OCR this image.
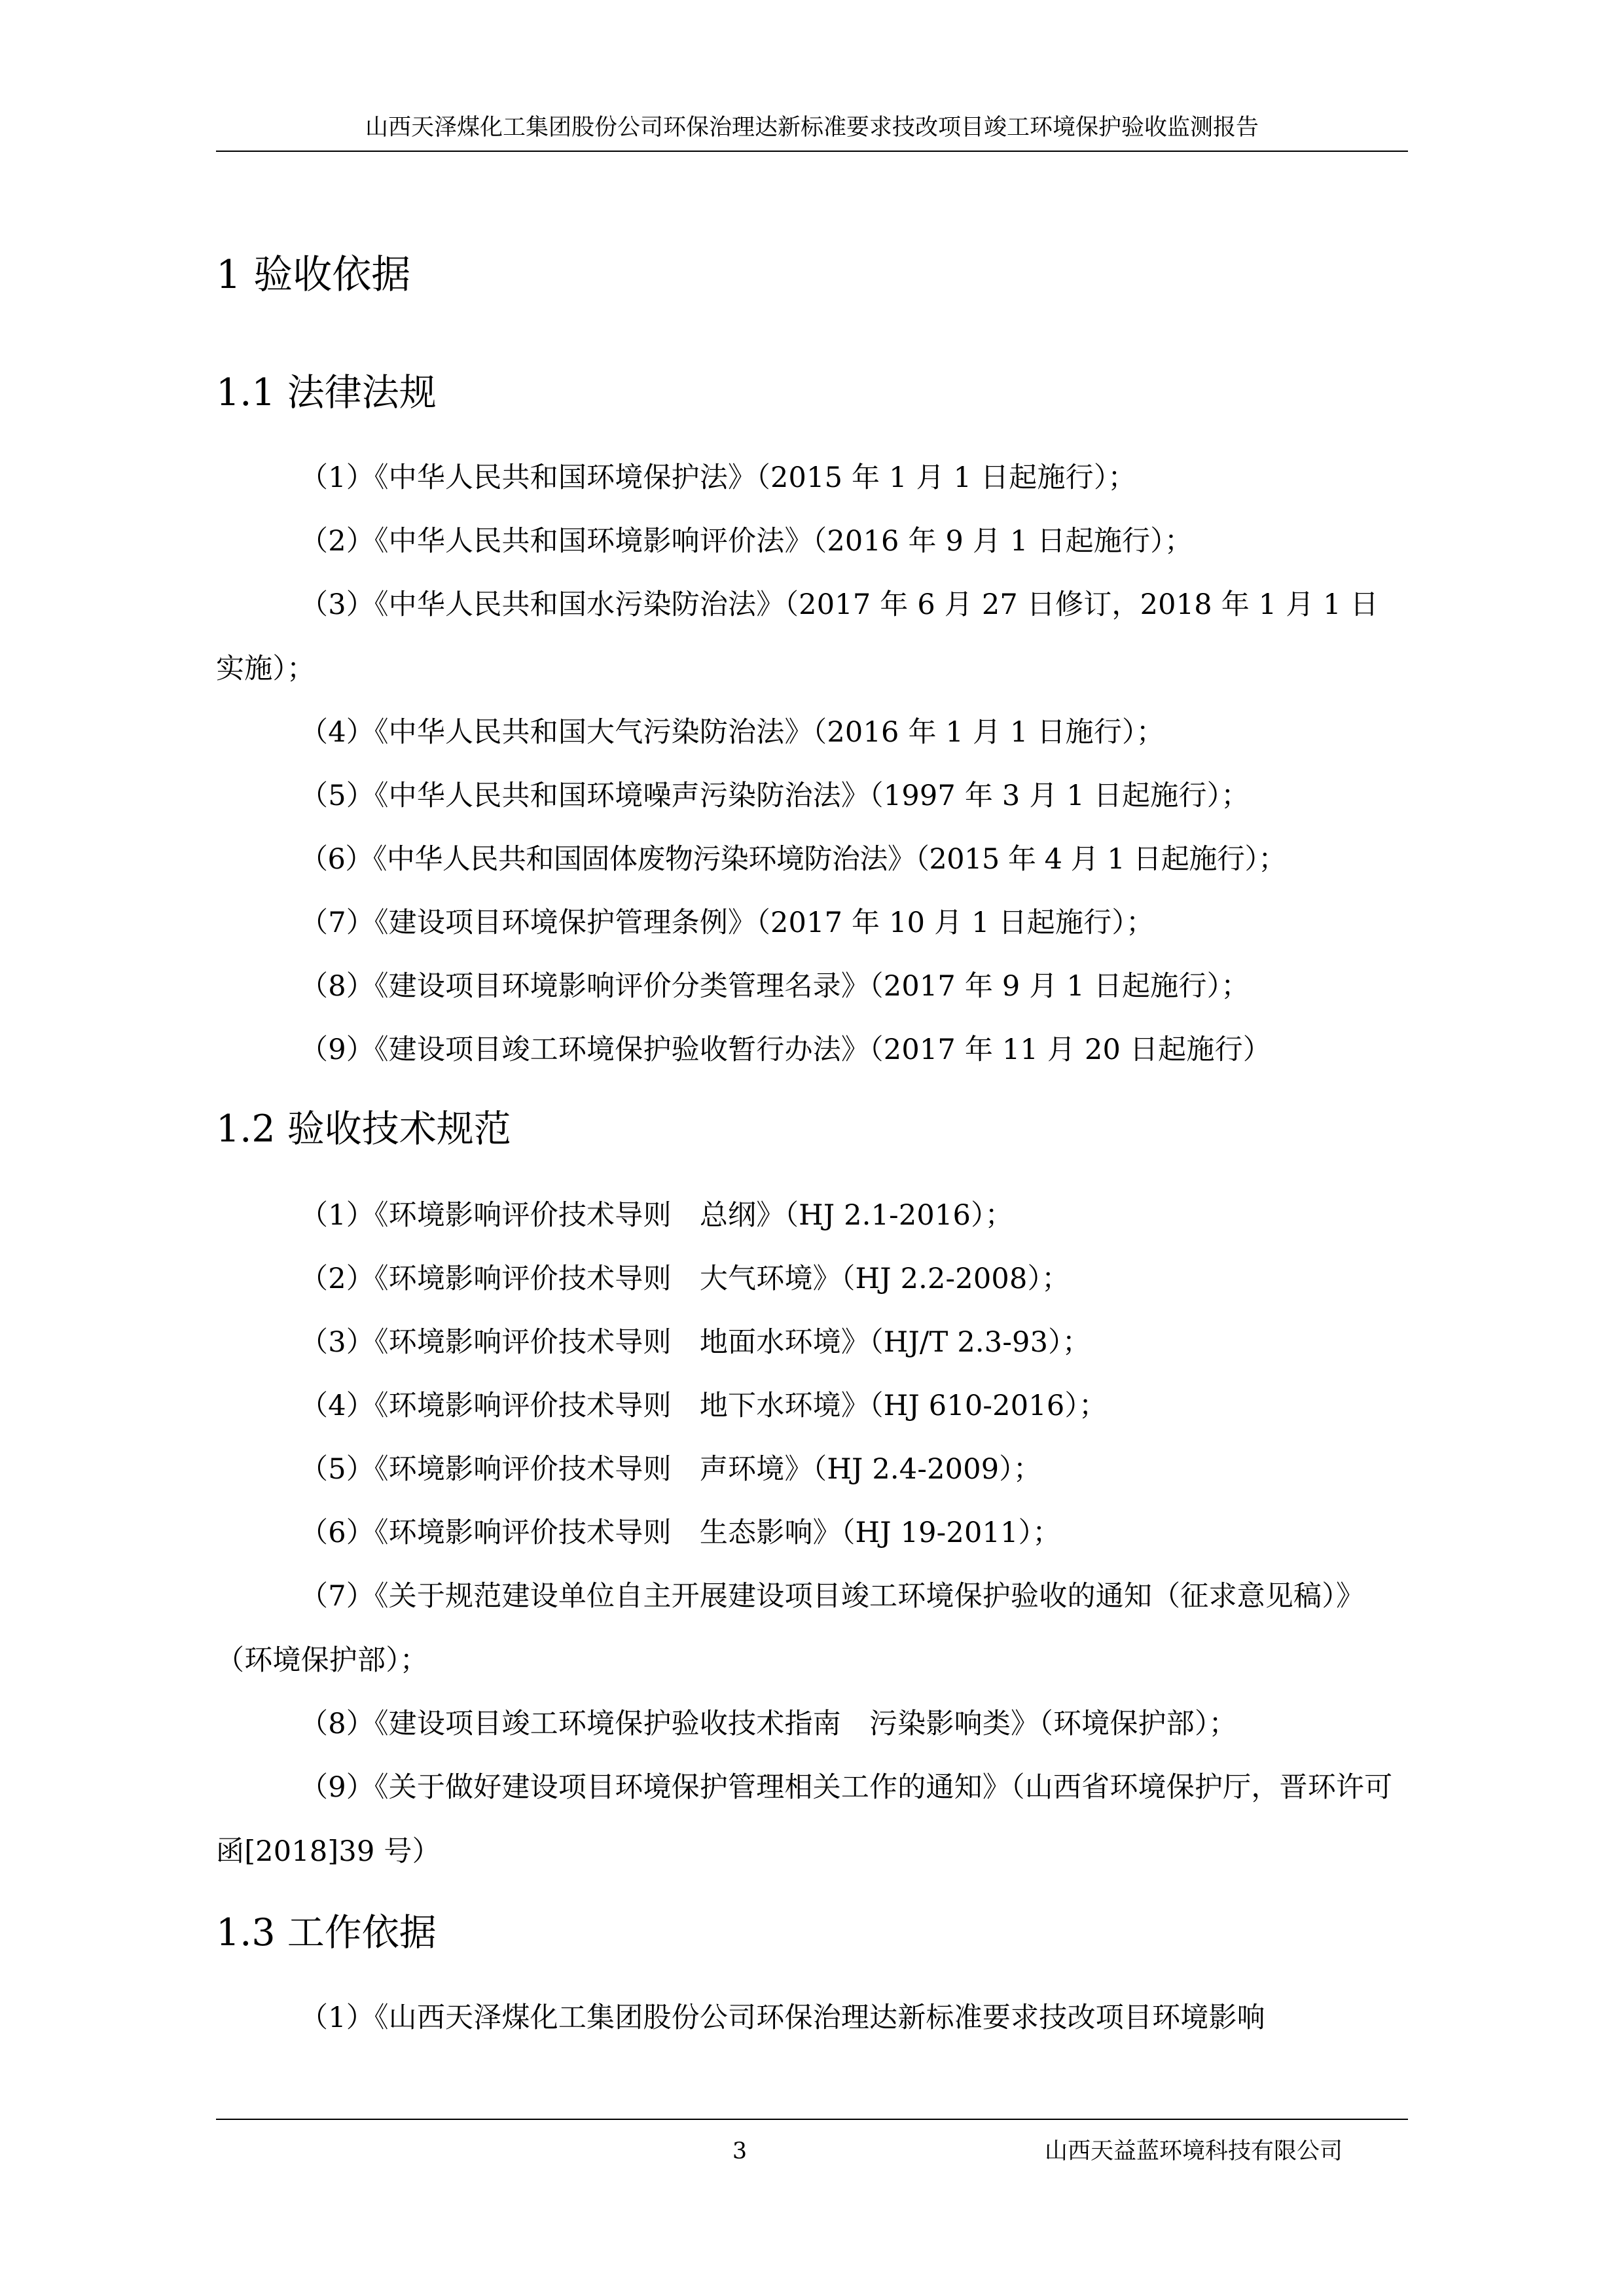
山西天泽煤化工集团股份公司环保治理达新标准要求技改项目竣工环境保护验收监测报告
1 验收依据
1.1 法律法规
（1）《中华人民共和国环境保护法》（2015 年 1 月 1 日起施行）；
（2）《中华人民共和国环境影响评价法》（2016 年 9 月 1 日起施行）；
（3）《中华人民共和国水污染防治法》（2017 年 6 月 27 日修订，2018 年 1 月 1 日实施）；
（4）《中华人民共和国大气污染防治法》（2016 年 1 月 1 日施行）；
（5）《中华人民共和国环境噪声污染防治法》（1997 年 3 月 1 日起施行）；
（6）《中华人民共和国固体废物污染环境防治法》（2015 年 4 月 1 日起施行）；
（7）《建设项目环境保护管理条例》（2017 年 10 月 1 日起施行）；
（8）《建设项目环境影响评价分类管理名录》（2017 年 9 月 1 日起施行）；
（9）《建设项目竣工环境保护验收暂行办法》（2017 年 11 月 20 日起施行）
1.2 验收技术规范
（1）《环境影响评价技术导则　总纲》（HJ 2.1-2016）；
（2）《环境影响评价技术导则　大气环境》（HJ 2.2-2008）；
（3）《环境影响评价技术导则　地面水环境》（HJ/T 2.3-93）；
（4）《环境影响评价技术导则　地下水环境》（HJ 610-2016）；
（5）《环境影响评价技术导则　声环境》（HJ 2.4-2009）；
（6）《环境影响评价技术导则　生态影响》（HJ 19-2011）；
（7）《关于规范建设单位自主开展建设项目竣工环境保护验收的通知（征求意见稿）》（环境保护部）；
（8）《建设项目竣工环境保护验收技术指南　污染影响类》（环境保护部）；
（9）《关于做好建设项目环境保护管理相关工作的通知》（山西省环境保护厅，晋环许可函[2018]39 号）
1.3 工作依据
（1）《山西天泽煤化工集团股份公司环保治理达新标准要求技改项目环境影响
3	山西天益蓝环境科技有限公司
